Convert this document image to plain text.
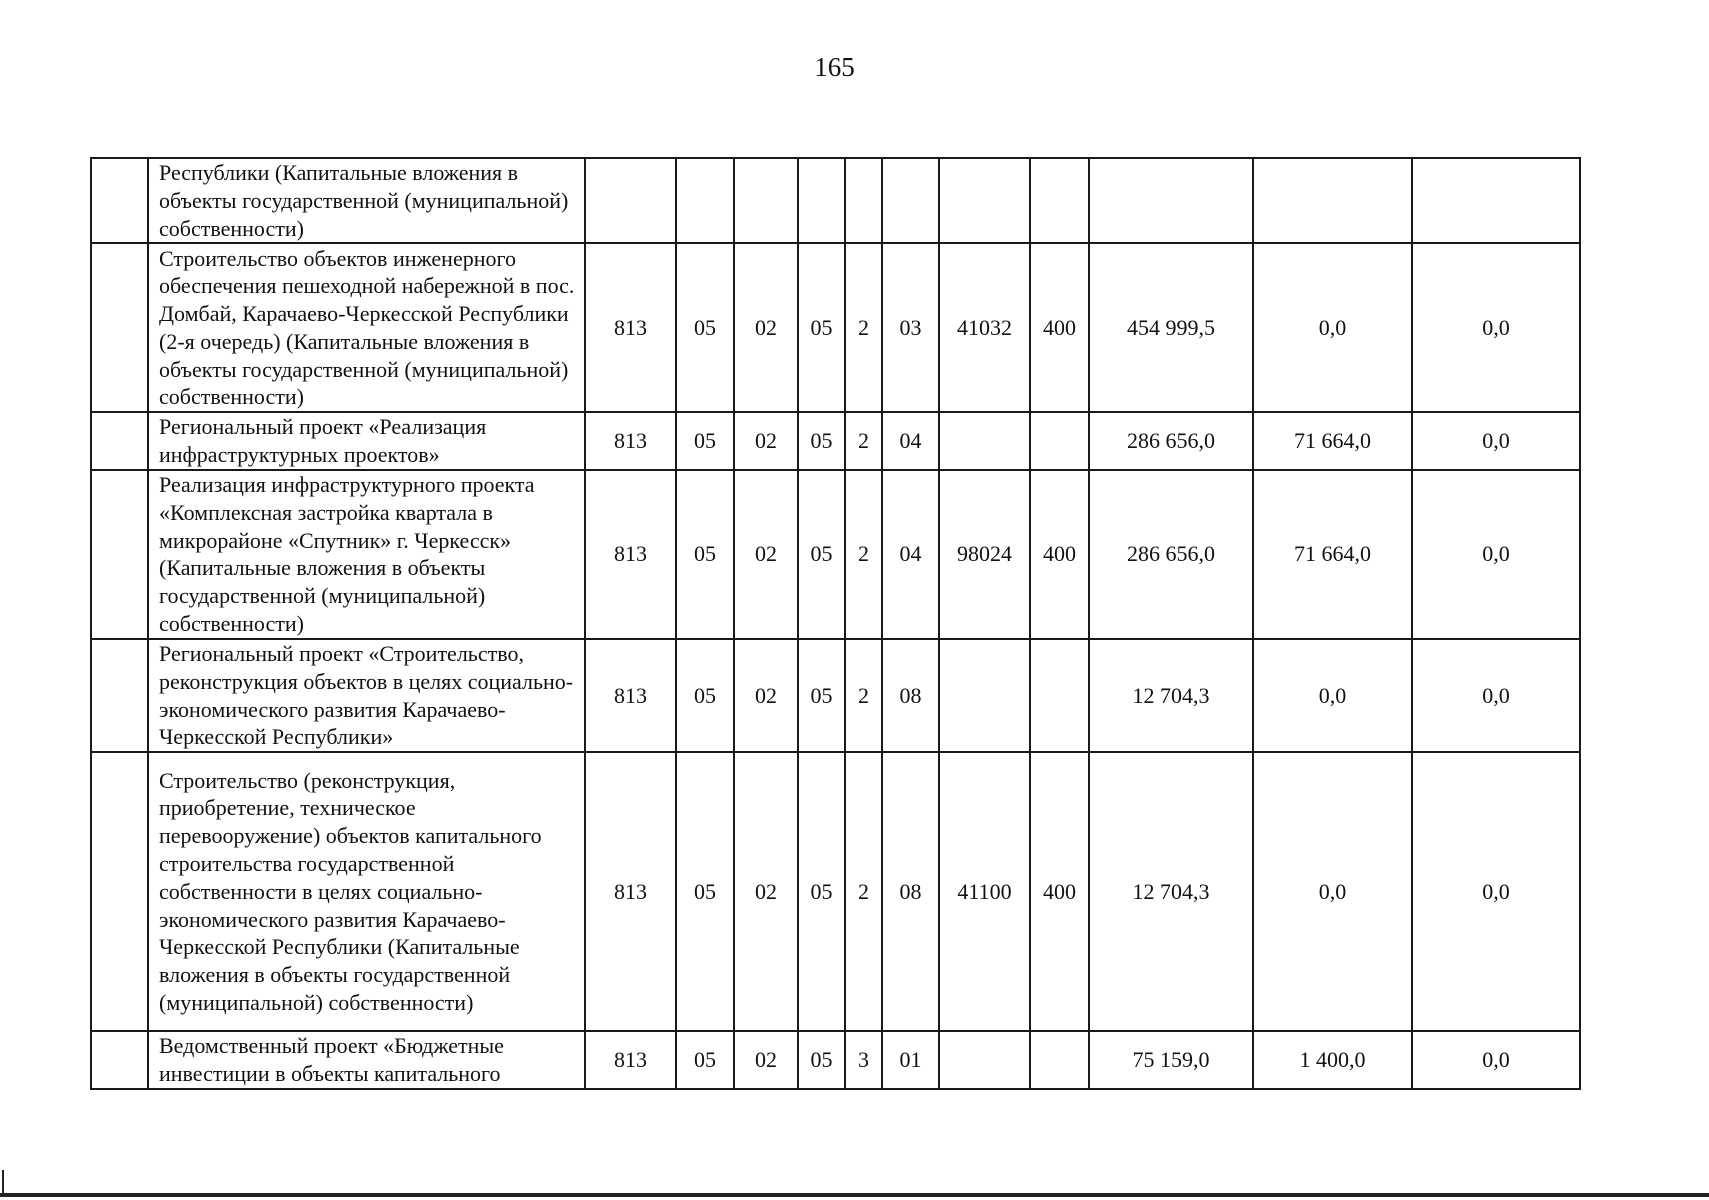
165
	Республики (Капитальные вложения в объекты государственной (муниципальной) собственности)											
	Строительство объектов инженерного обеспечения пешеходной набережной в пос. Домбай, Карачаево-Черкесской Республики (2-я очередь) (Капитальные вложения в объекты государственной (муниципальной) собственности)	813	05	02	05	2	03	41032	400	454 999,5	0,0	0,0
	Региональный проект «Реализация инфраструктурных проектов»	813	05	02	05	2	04			286 656,0	71 664,0	0,0
	Реализация инфраструктурного проекта «Комплексная застройка квартала в микрорайоне «Спутник» г. Черкесск» (Капитальные вложения в объекты государственной (муниципальной) собственности)	813	05	02	05	2	04	98024	400	286 656,0	71 664,0	0,0
	Региональный проект «Строительство, реконструкция объектов в целях социально-экономического развития Карачаево-Черкесской Республики»	813	05	02	05	2	08			12 704,3	0,0	0,0
	Строительство (реконструкция, приобретение, техническое перевооружение) объектов капитального строительства государственной собственности в целях социально-экономического развития Карачаево-Черкесской Республики (Капитальные вложения в объекты государственной (муниципальной) собственности)	813	05	02	05	2	08	41100	400	12 704,3	0,0	0,0
	Ведомственный проект «Бюджетные инвестиции в объекты капитального	813	05	02	05	3	01			75 159,0	1 400,0	0,0
